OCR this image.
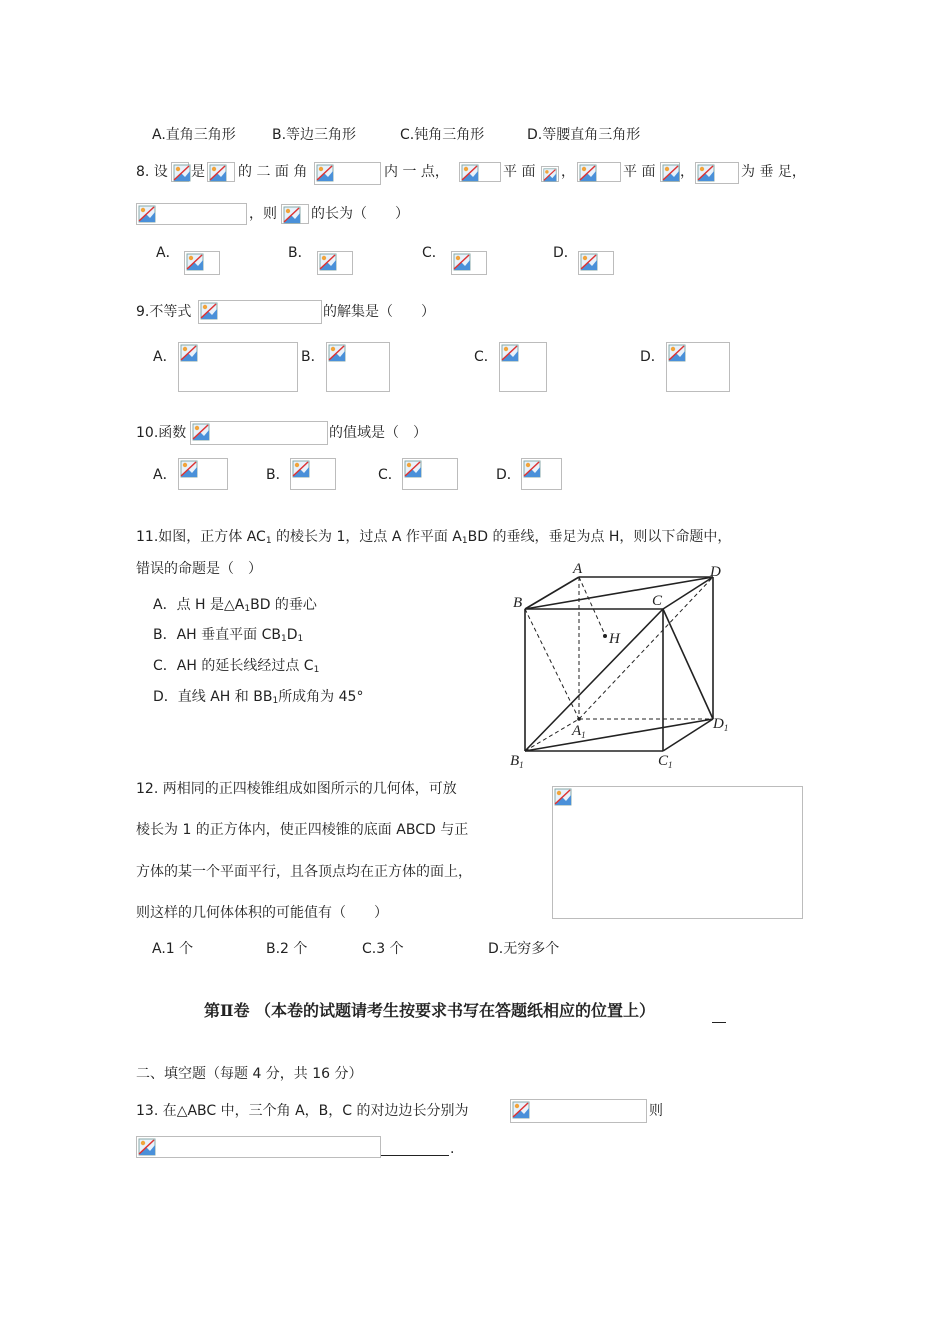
A.直角三角形	B.等边三角形	C.钝角三角形	D.等腰直角三角形
8. 设 是 的 二 面 角	内 一 点，	平 面 ，	平 面 ，	为 垂 足，
，则 的长为（　　）
A．	B．	C．	D．
9.不等式	的解集是（　　）
A．	B．	C．	D．
10.函数	的值域是（　）
A．	B．	C．	D．
11.如图，正方体 $AC_1$ 的棱长为 1，过点 A 作平面 $A_1BD$ 的垂线，垂足为点 H，则以下命题中，
错误的命题是（　）
A．点 H 是$\triangle A_1BD$ 的垂心
B．AH 垂直平面 $CB_1D_1$
C．AH 的延长线经过点 $C_1$
D．直线 AH 和 $BB_1$所成角为 45°
A	D
B	C
H
$A_1$
$D_1$
$B_1$	$C_1$
12. 两相同的正四棱锥组成如图所示的几何体，可放
棱长为 1 的正方体内，使正四棱锥的底面 ABCD 与正
方体的某一个平面平行，且各顶点均在正方体的面上，
则这样的几何体体积的可能值有（　　）
A.1 个	B.2 个	C.3 个	D.无穷多个
第Ⅱ卷 （本卷的试题请考生按要求书写在答题纸相应的位置上）
二、填空题（每题 4 分，共 16 分）
13. 在△ABC 中，三个角 A，B，C 的对边边长分别为	则
.
